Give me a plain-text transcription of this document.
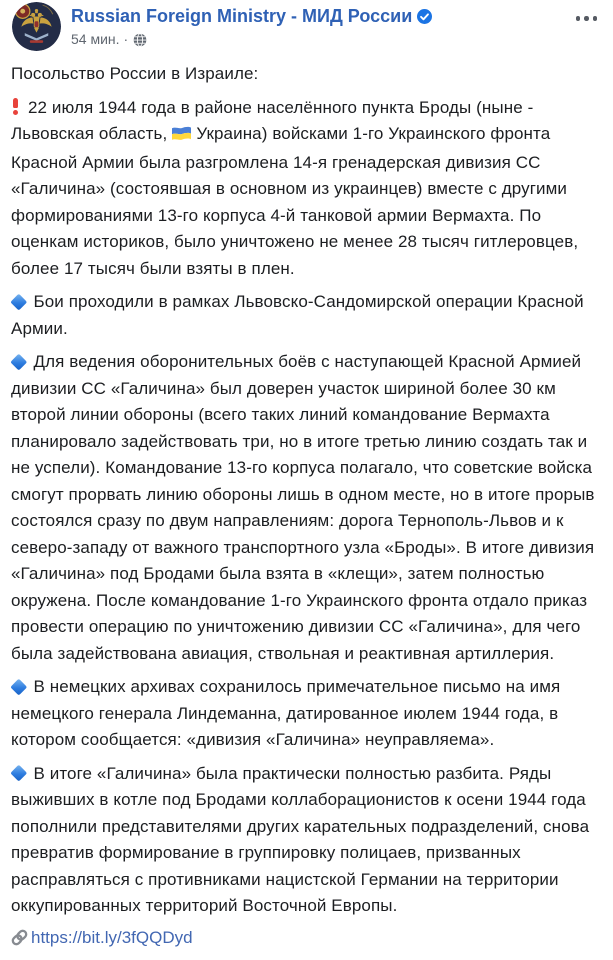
Russian Foreign Ministry - МИД России
54 мин. ·

Посольство России в Израиле:

22 июля 1944 года в районе населённого пункта Броды (ныне - Львовская область, Украина) войсками 1-го Украинского фронта Красной Армии была разгромлена 14-я гренадерская дивизия СС «Галичина» (состоявшая в основном из украинцев) вместе с другими формированиями 13-го корпуса 4-й танковой армии Вермахта. По оценкам историков, было уничтожено не менее 28 тысяч гитлеровцев, более 17 тысяч были взяты в плен.

Бои проходили в рамках Львовско-Сандомирской операции Красной Армии.

Для ведения оборонительных боёв с наступающей Красной Армией дивизии СС «Галичина» был доверен участок шириной более 30 км второй линии обороны (всего таких линий командование Вермахта планировало задействовать три, но в итоге третью линию создать так и не успели). Командование 13-го корпуса полагало, что советские войска смогут прорвать линию обороны лишь в одном месте, но в итоге прорыв состоялся сразу по двум направлениям: дорога Тернополь-Львов и к северо-западу от важного транспортного узла «Броды». В итоге дивизия «Галичина» под Бродами была взята в «клещи», затем полностью окружена. После командование 1-го Украинского фронта отдало приказ провести операцию по уничтожению дивизии СС «Галичина», для чего была задействована авиация, ствольная и реактивная артиллерия.

В немецких архивах сохранилось примечательное письмо на имя немецкого генерала Линдеманна, датированное июлем 1944 года, в котором сообщается: «дивизия «Галичина» неуправляема».

В итоге «Галичина» была практически полностью разбита. Ряды выживших в котле под Бродами коллаборационистов к осени 1944 года пополнили представителями других карательных подразделений, снова превратив формирование в группировку полицаев, призванных расправляться с противниками нацистской Германии на территории оккупированных территорий Восточной Европы.

https://bit.ly/3fQQDyd
